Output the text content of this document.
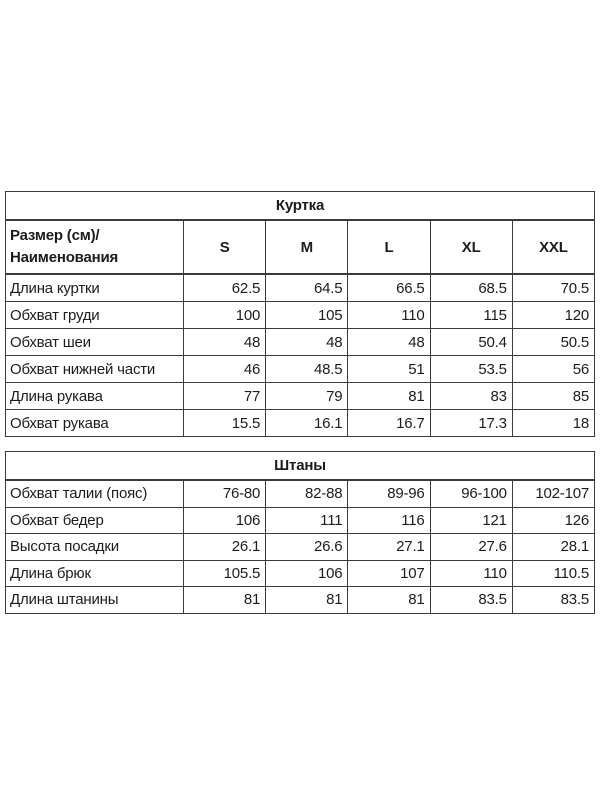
Куртка					

Размер (см)/
Наименования	S	M	L	XL	XXL
Длина куртки	62.5	64.5	66.5	68.5	70.5
Обхват груди	100	105	110	115	120
Обхват шеи	48	48	48	50.4	50.5
Обхват нижней части	46	48.5	51	53.5	56
Длина рукава	77	79	81	83	85
Обхват рукава	15.5	16.1	16.7	17.3	18
Штаны					
Обхват талии (пояс)	76-80	82-88	89-96	96-100	102-107
Обхват бедер	106	111	116	121	126
Высота посадки	26.1	26.6	27.1	27.6	28.1
Длина брюк	105.5	106	107	110	110.5
Длина штанины	81	81	81	83.5	83.5
